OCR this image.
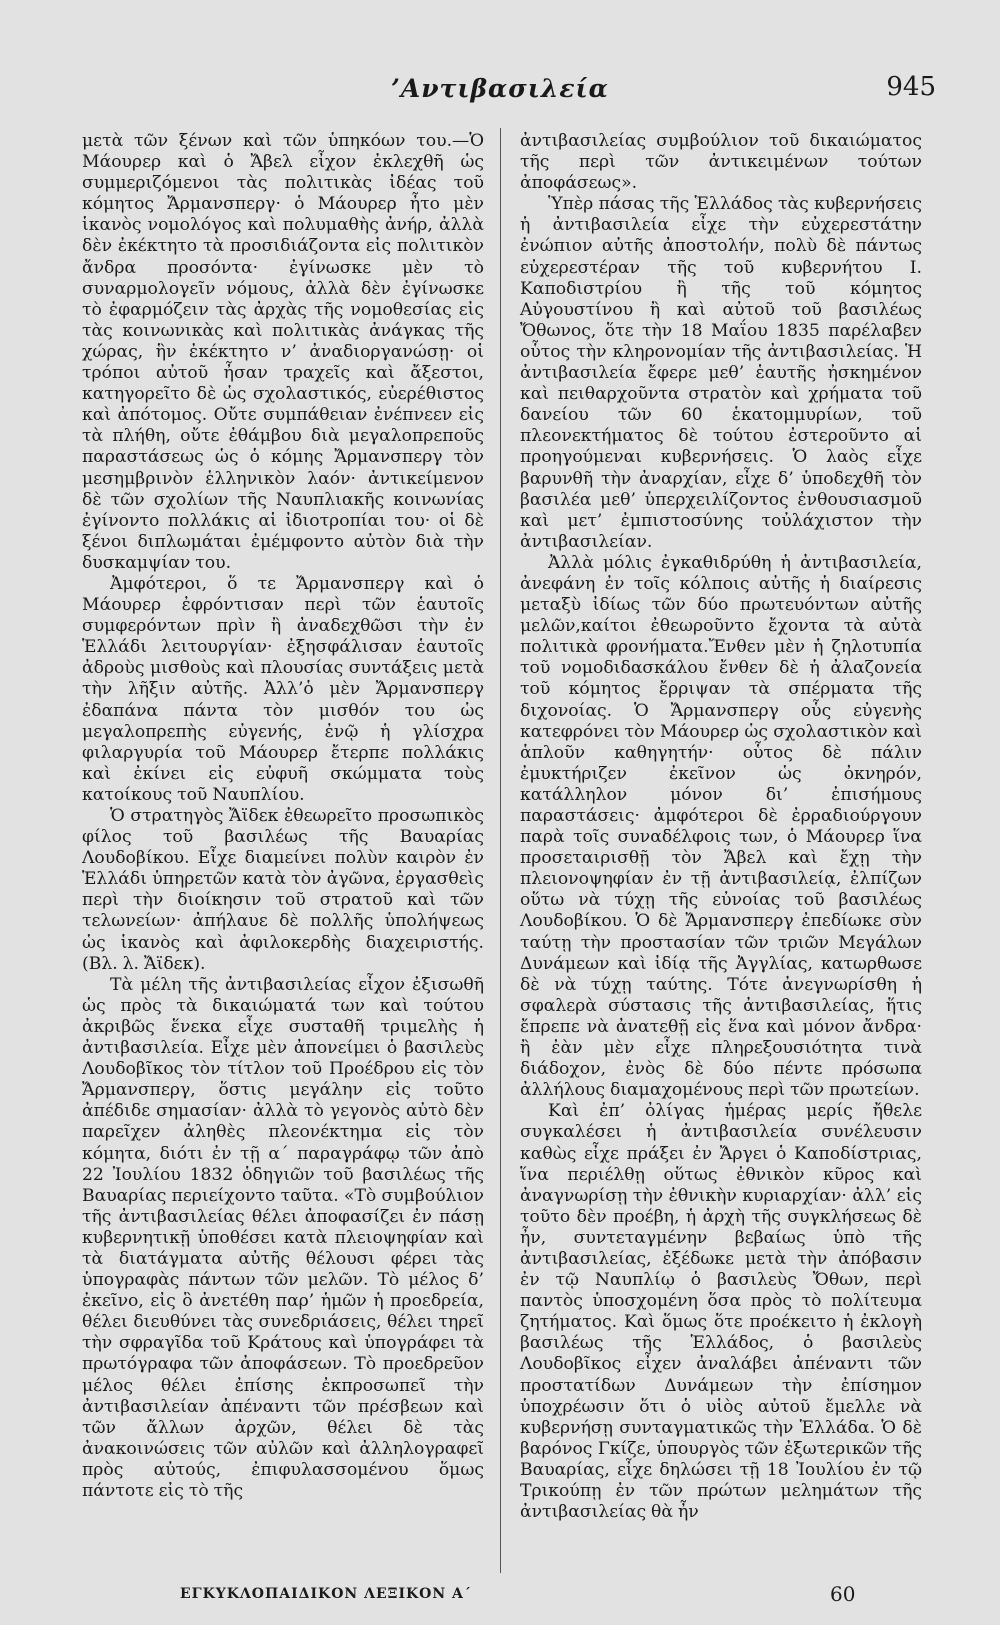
’Αντιβασιλεία	945

μετὰ τῶν ξένων καὶ τῶν ὑπηκόων του.—Ὁ Μάουρερ καὶ ὁ Ἄβελ εἶχον ἐκλεχθῆ ὡς συμμεριζόμενοι τὰς πολιτικὰς ἰδέας τοῦ κόμητος Ἄρμανσπεργ· ὁ Μάουρερ ἦτο μὲν ἱκανὸς νομολόγος καὶ πολυμαθὴς ἀνήρ, ἀλλὰ δὲν ἐκέκτητο τὰ προσιδιάζοντα εἰς πολιτικὸν ἄνδρα προσόντα· ἐγίνωσκε μὲν τὸ συναρμολογεῖν νόμους, ἀλλὰ δὲν ἐγίνωσκε τὸ ἐφαρμόζειν τὰς ἀρχὰς τῆς νομοθεσίας εἰς τὰς κοινωνικὰς καὶ πολιτικὰς ἀνάγκας τῆς χώρας, ἣν ἐκέκτητο ν’ ἀναδιοργανώσῃ· οἱ τρόποι αὐτοῦ ἦσαν τραχεῖς καὶ ἄξεστοι, κατηγορεῖτο δὲ ὡς σχολαστικός, εὐερέθιστος καὶ ἀπότομος. Οὔτε συμπάθειαν ἐνέπνεεν εἰς τὰ πλήθη, οὔτε ἐθάμβου διὰ μεγαλοπρεποῦς παραστάσεως ὡς ὁ κόμης Ἄρμανσπεργ τὸν μεσημβρινὸν ἑλληνικὸν λαόν· ἀντικείμενον δὲ τῶν σχολίων τῆς Ναυπλιακῆς κοινωνίας ἐγίνοντο πολλάκις αἱ ἰδιοτροπίαι του· οἱ δὲ ξένοι διπλωμάται ἐμέμφοντο αὐτὸν διὰ τὴν δυσκαμψίαν του.

Ἀμφότεροι, ὅ τε Ἄρμανσπεργ καὶ ὁ Μάουρερ ἐφρόντισαν περὶ τῶν ἑαυτοῖς συμφερόντων πρὶν ἢ ἀναδεχθῶσι τὴν ἐν Ἑλλάδι λειτουργίαν· ἐξησφάλισαν ἑαυτοῖς ἀδροὺς μισθοὺς καὶ πλουσίας συντάξεις μετὰ τὴν λῆξιν αὐτῆς. Ἀλλ’ὁ μὲν Ἄρμανσπεργ ἐδαπάνα πάντα τὸν μισθόν του ὡς μεγαλοπρεπὴς εὐγενής, ἐνῷ ἡ γλίσχρα φιλαργυρία τοῦ Μάουρερ ἔτερπε πολλάκις καὶ ἐκίνει εἰς εὐφυῆ σκώμματα τοὺς κατοίκους τοῦ Ναυπλίου.

Ὁ στρατηγὸς Ἄϊδεκ ἐθεωρεῖτο προσωπικὸς φίλος τοῦ βασιλέως τῆς Βαυαρίας Λουδοβίκου. Εἶχε διαμείνει πολὺν καιρὸν ἐν Ἑλλάδι ὑπηρετῶν κατὰ τὸν ἀγῶνα, ἐργασθεὶς περὶ τὴν διοίκησιν τοῦ στρατοῦ καὶ τῶν τελωνείων· ἀπήλαυε δὲ πολλῆς ὑπολήψεως ὡς ἱκανὸς καὶ ἀφιλοκερδὴς διαχειριστής. (Βλ. λ. Ἄϊδεκ).

Τὰ μέλη τῆς ἀντιβασιλείας εἶχον ἐξισωθῆ ὡς πρὸς τὰ δικαιώματά των καὶ τούτου ἀκριβῶς ἕνεκα εἶχε συσταθῆ τριμελὴς ἡ ἀντιβασιλεία. Εἶχε μὲν ἀπονείμει ὁ βασιλεὺς Λουδοβῖκος τὸν τίτλον τοῦ Προέδρου εἰς τὸν Ἄρμανσπεργ, ὅστις μεγάλην εἰς τοῦτο ἀπέδιδε σημασίαν· ἀλλὰ τὸ γεγονὸς αὐτὸ δὲν παρεῖχεν ἀληθὲς πλεονέκτημα εἰς τὸν κόμητα, διότι ἐν τῇ α΄ παραγράφῳ τῶν ἀπὸ 22 Ἰουλίου 1832 ὁδηγιῶν τοῦ βασιλέως τῆς Βαυαρίας περιείχοντο ταῦτα. «Τὸ συμβούλιον τῆς ἀντιβασιλείας θέλει ἀποφασίζει ἐν πάσῃ κυβερνητικῇ ὑποθέσει κατὰ πλειοψηφίαν καὶ τὰ διατάγματα αὐτῆς θέλουσι φέρει τὰς ὑπογραφὰς πάντων τῶν μελῶν. Τὸ μέλος δ’ ἐκεῖνο, εἰς ὃ ἀνετέθη παρ’ ἡμῶν ἡ προεδρεία, θέλει διευθύνει τὰς συνεδριάσεις, θέλει τηρεῖ τὴν σφραγῖδα τοῦ Κράτους καὶ ὑπογράφει τὰ πρωτόγραφα τῶν ἀποφάσεων. Τὸ προεδρεῦον μέλος θέλει ἐπίσης ἐκπροσωπεῖ τὴν ἀντιβασιλείαν ἀπέναντι τῶν πρέσβεων καὶ τῶν ἄλλων ἀρχῶν, θέλει δὲ τὰς ἀνακοινώσεις τῶν αὐλῶν καὶ ἀλληλογραφεῖ πρὸς αὐτούς, ἐπιφυλασσομένου ὅμως πάντοτε εἰς τὸ τῆς

ἀντιβασιλείας συμβούλιον τοῦ δικαιώματος τῆς περὶ τῶν ἀντικειμένων τούτων ἀποφάσεως».

Ὑπὲρ πάσας τῆς Ἑλλάδος τὰς κυβερνήσεις ἡ ἀντιβασιλεία εἶχε τὴν εὐχερεστάτην ἐνώπιον αὐτῆς ἀποστολήν, πολὺ δὲ πάντως εὐχερεστέραν τῆς τοῦ κυβερνήτου Ι. Καποδιστρίου ἢ τῆς τοῦ κόμητος Αὐγουστίνου ἢ καὶ αὐτοῦ τοῦ βασιλέως Ὄθωνος, ὅτε τὴν 18 Μαΐου 1835 παρέλαβεν οὗτος τὴν κληρονομίαν τῆς ἀντιβασιλείας. Ἡ ἀντιβασιλεία ἔφερε μεθ’ ἑαυτῆς ἠσκημένον καὶ πειθαρχοῦντα στρατὸν καὶ χρήματα τοῦ δανείου τῶν 60 ἑκατομμυρίων, τοῦ πλεονεκτήματος δὲ τούτου ἐστεροῦντο αἱ προηγούμεναι κυβερνήσεις. Ὁ λαὸς εἶχε βαρυνθῆ τὴν ἀναρχίαν, εἶχε δ’ ὑποδεχθῆ τὸν βασιλέα μεθ’ ὑπερχειλίζοντος ἐνθουσιασμοῦ καὶ μετ’ ἐμπιστοσύνης τοὐλάχιστον τὴν ἀντιβασιλείαν.

Ἀλλὰ μόλις ἐγκαθιδρύθη ἡ ἀντιβασιλεία, ἀνεφάνη ἐν τοῖς κόλποις αὐτῆς ἡ διαίρεσις μεταξὺ ἰδίως τῶν δύο πρωτευόντων αὐτῆς μελῶν,καίτοι ἐθεωροῦντο ἔχοντα τὰ αὐτὰ πολιτικὰ φρονήματα.Ἔνθεν μὲν ἡ ζηλοτυπία τοῦ νομοδιδασκάλου ἔνθεν δὲ ἡ ἀλαζονεία τοῦ κόμητος ἔρριψαν τὰ σπέρματα τῆς διχονοίας. Ὁ Ἄρμανσπεργ οὗς εὐγενὴς κατεφρόνει τὸν Μάουρερ ὡς σχολαστικὸν καὶ ἁπλοῦν καθηγητήν· οὗτος δὲ πάλιν ἐμυκτήριζεν ἐκεῖνον ὡς ὀκνηρόν, κατάλληλον μόνον δι’ ἐπισήμους παραστάσεις· ἀμφότεροι δὲ ἐρραδιούργουν παρὰ τοῖς συναδέλφοις των, ὁ Μάουρερ ἵνα προσεταιρισθῇ τὸν Ἄβελ καὶ ἔχῃ τὴν πλειονοψηφίαν ἐν τῇ ἀντιβασιλείᾳ, ἐλπίζων οὕτω νὰ τύχῃ τῆς εὐνοίας τοῦ βασιλέως Λουδοβίκου. Ὁ δὲ Ἄρμανσπεργ ἐπεδίωκε σὺν ταύτῃ τὴν προστασίαν τῶν τριῶν Μεγάλων Δυνάμεων καὶ ἰδίᾳ τῆς Ἀγγλίας, κατωρθωσε δὲ νὰ τύχῃ ταύτης. Τότε ἀνεγνωρίσθη ἡ σφαλερὰ σύστασις τῆς ἀντιβασιλείας, ἥτις ἔπρεπε νὰ ἀνατεθῇ εἰς ἕνα καὶ μόνον ἄνδρα· ἢ ἐὰν μὲν εἶχε πληρεξουσιότητα τινὰ διάδοχον, ἐνὸς δὲ δύο πέντε πρόσωπα ἀλλήλους διαμαχομένους περὶ τῶν πρωτείων.

Καὶ ἐπ’ ὀλίγας ἡμέρας μερίς ἤθελε συγκαλέσει ἡ ἀντιβασιλεία συνέλευσιν καθὼς εἶχε πράξει ἐν Ἄργει ὁ Καποδίστριας, ἵνα περιέλθῃ οὕτως ἐθνικὸν κῦρος καὶ ἀναγνωρίσῃ τὴν ἐθνικὴν κυριαρχίαν· ἀλλ’ εἰς τοῦτο δὲν προέβη, ἡ ἀρχὴ τῆς συγκλήσεως δὲ ἦν, συντεταγμένην βεβαίως ὑπὸ τῆς ἀντιβασιλείας, ἐξέδωκε μετὰ τὴν ἀπόβασιν ἐν τῷ Ναυπλίῳ ὁ βασιλεὺς Ὄθων, περὶ παντὸς ὑποσχομένη ὅσα πρὸς τὸ πολίτευμα ζητήματος. Καὶ ὅμως ὅτε προέκειτο ἡ ἐκλογὴ βασιλέως τῆς Ἑλλάδος, ὁ βασιλεὺς Λουδοβῖκος εἶχεν ἀναλάβει ἀπέναντι τῶν προστατίδων Δυνάμεων τὴν ἐπίσημον ὑποχρέωσιν ὅτι ὁ υἱὸς αὐτοῦ ἔμελλε νὰ κυβερνήσῃ συνταγματικῶς τὴν Ἑλλάδα. Ὁ δὲ βαρόνος Γκίζε, ὑπουργὸς τῶν ἐξωτερικῶν τῆς Βαυαρίας, εἶχε δηλώσει τῇ 18 Ἰουλίου ἐν τῷ Τρικούπῃ ἐν τῶν πρώτων μελημάτων τῆς ἀντιβασιλείας θὰ ἦν

ΕΓΚΥΚΛΟΠΑΙΔΙΚΟΝ ΛΕΞΙΚΟΝ Α΄	60
